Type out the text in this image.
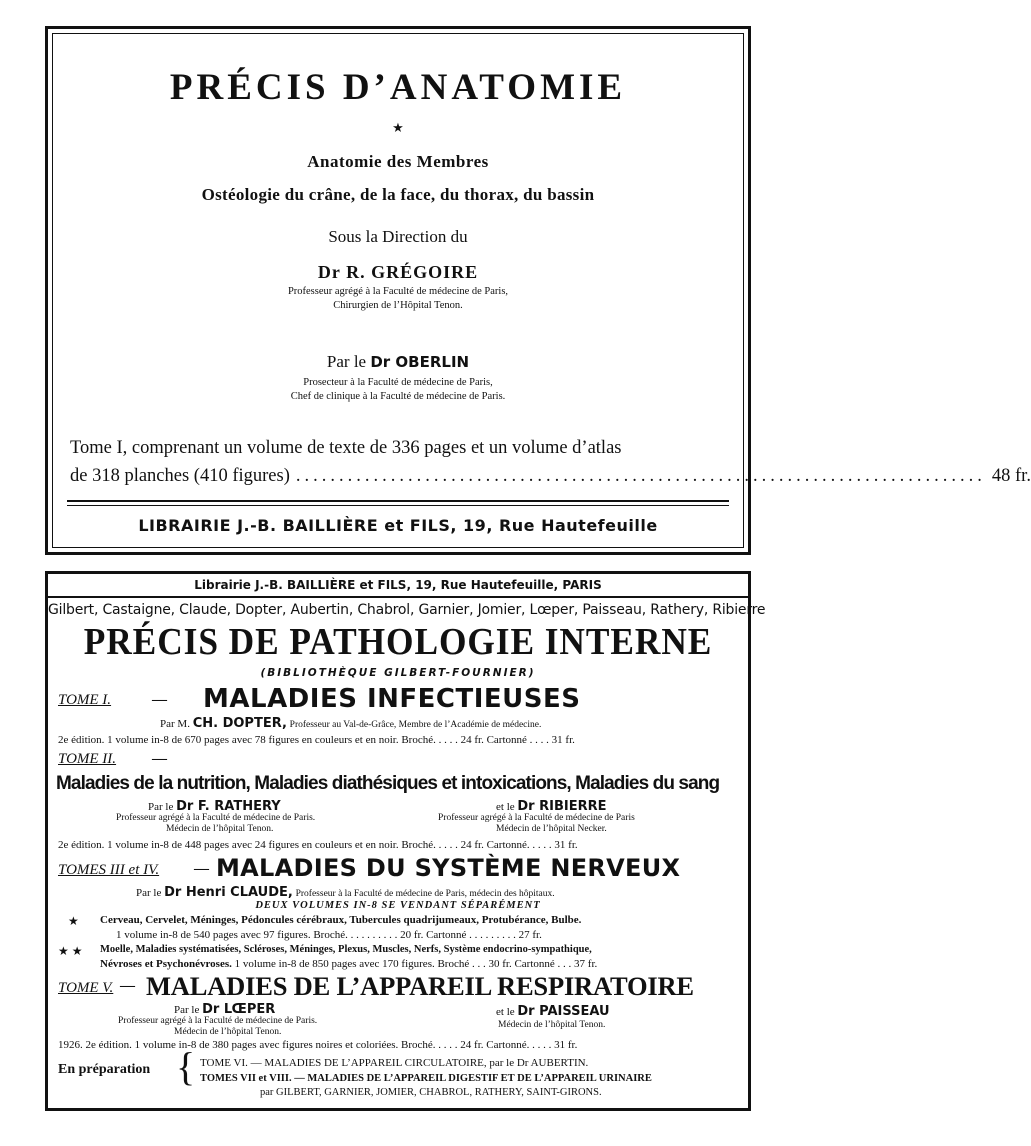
PRÉCIS D’ANATOMIE
★
Anatomie des Membres
Ostéologie du crâne, de la face, du thorax, du bassin
Sous la Direction du
Dr R. GRÉGOIRE
Professeur agrégé à la Faculté de médecine de Paris,
Chirurgien de l’Hôpital Tenon.
Par le Dr OBERLIN
Prosecteur à la Faculté de médecine de Paris,
Chef de clinique à la Faculté de médecine de Paris.
Tome I, comprenant un volume de texte de 336 pages et un volume d’atlas
de 318 planches (410 figures) ................................................................................ 48 fr.
LIBRAIRIE J.-B. BAILLIÈRE et FILS, 19, Rue Hautefeuille
Librairie J.-B. BAILLIÈRE et FILS, 19, Rue Hautefeuille, PARIS
Gilbert, Castaigne, Claude, Dopter, Aubertin, Chabrol, Garnier, Jomier, Lœper, Paisseau, Rathery, Ribierre
PRÉCIS DE PATHOLOGIE INTERNE
(BIBLIOTHÈQUE GILBERT-FOURNIER)
TOME I.	— MALADIES INFECTIEUSES
Par M. CH. DOPTER, Professeur au Val-de-Grâce, Membre de l’Académie de médecine.
2e édition. 1 volume in-8 de 670 pages avec 78 figures en couleurs et en noir. Broché. . . . . 24 fr. Cartonné . . . . 31 fr.
TOME II. —
Maladies de la nutrition, Maladies diathésiques et intoxications, Maladies du sang
Par le Dr F. RATHERY
Professeur agrégé à la Faculté de médecine de Paris.
Médecin de l’hôpital Tenon.
et le Dr RIBIERRE
Professeur agrégé à la Faculté de médecine de Paris
Médecin de l’hôpital Necker.
2e édition. 1 volume in-8 de 448 pages avec 24 figures en couleurs et en noir. Broché. . . . . 24 fr. Cartonné. . . . . 31 fr.
TOMES III et IV. — MALADIES DU SYSTÈME NERVEUX
Par le Dr Henri CLAUDE, Professeur à la Faculté de médecine de Paris, médecin des hôpitaux.
DEUX VOLUMES IN-8 SE VENDANT SÉPARÉMENT
★ Cerveau, Cervelet, Méninges, Pédoncules cérébraux, Tubercules quadrijumeaux, Protubérance, Bulbe.
1 volume in-8 de 540 pages avec 97 figures. Broché. . . . . . . . . . 20 fr. Cartonné . . . . . . . . . 27 fr.
★ ★ Moelle, Maladies systématisées, Scléroses, Méninges, Plexus, Muscles, Nerfs, Système endocrino-sympathique,
Névroses et Psychonévroses. 1 volume in-8 de 850 pages avec 170 figures. Broché . . . 30 fr. Cartonné . . . 37 fr.
TOME V. — MALADIES DE L’APPAREIL RESPIRATOIRE
Par le Dr LŒPER
Professeur agrégé à la Faculté de médecine de Paris.
Médecin de l’hôpital Tenon.
et le Dr PAISSEAU
Médecin de l’hôpital Tenon.
1926. 2e édition. 1 volume in-8 de 380 pages avec figures noires et coloriées. Broché. . . . . 24 fr. Cartonné. . . . . 31 fr.
En préparation { TOME VI. — MALADIES DE L’APPAREIL CIRCULATOIRE, par le Dr AUBERTIN.
TOMES VII et VIII. — MALADIES DE L’APPAREIL DIGESTIF ET DE L’APPAREIL URINAIRE
par GILBERT, GARNIER, JOMIER, CHABROL, RATHERY, SAINT-GIRONS.
